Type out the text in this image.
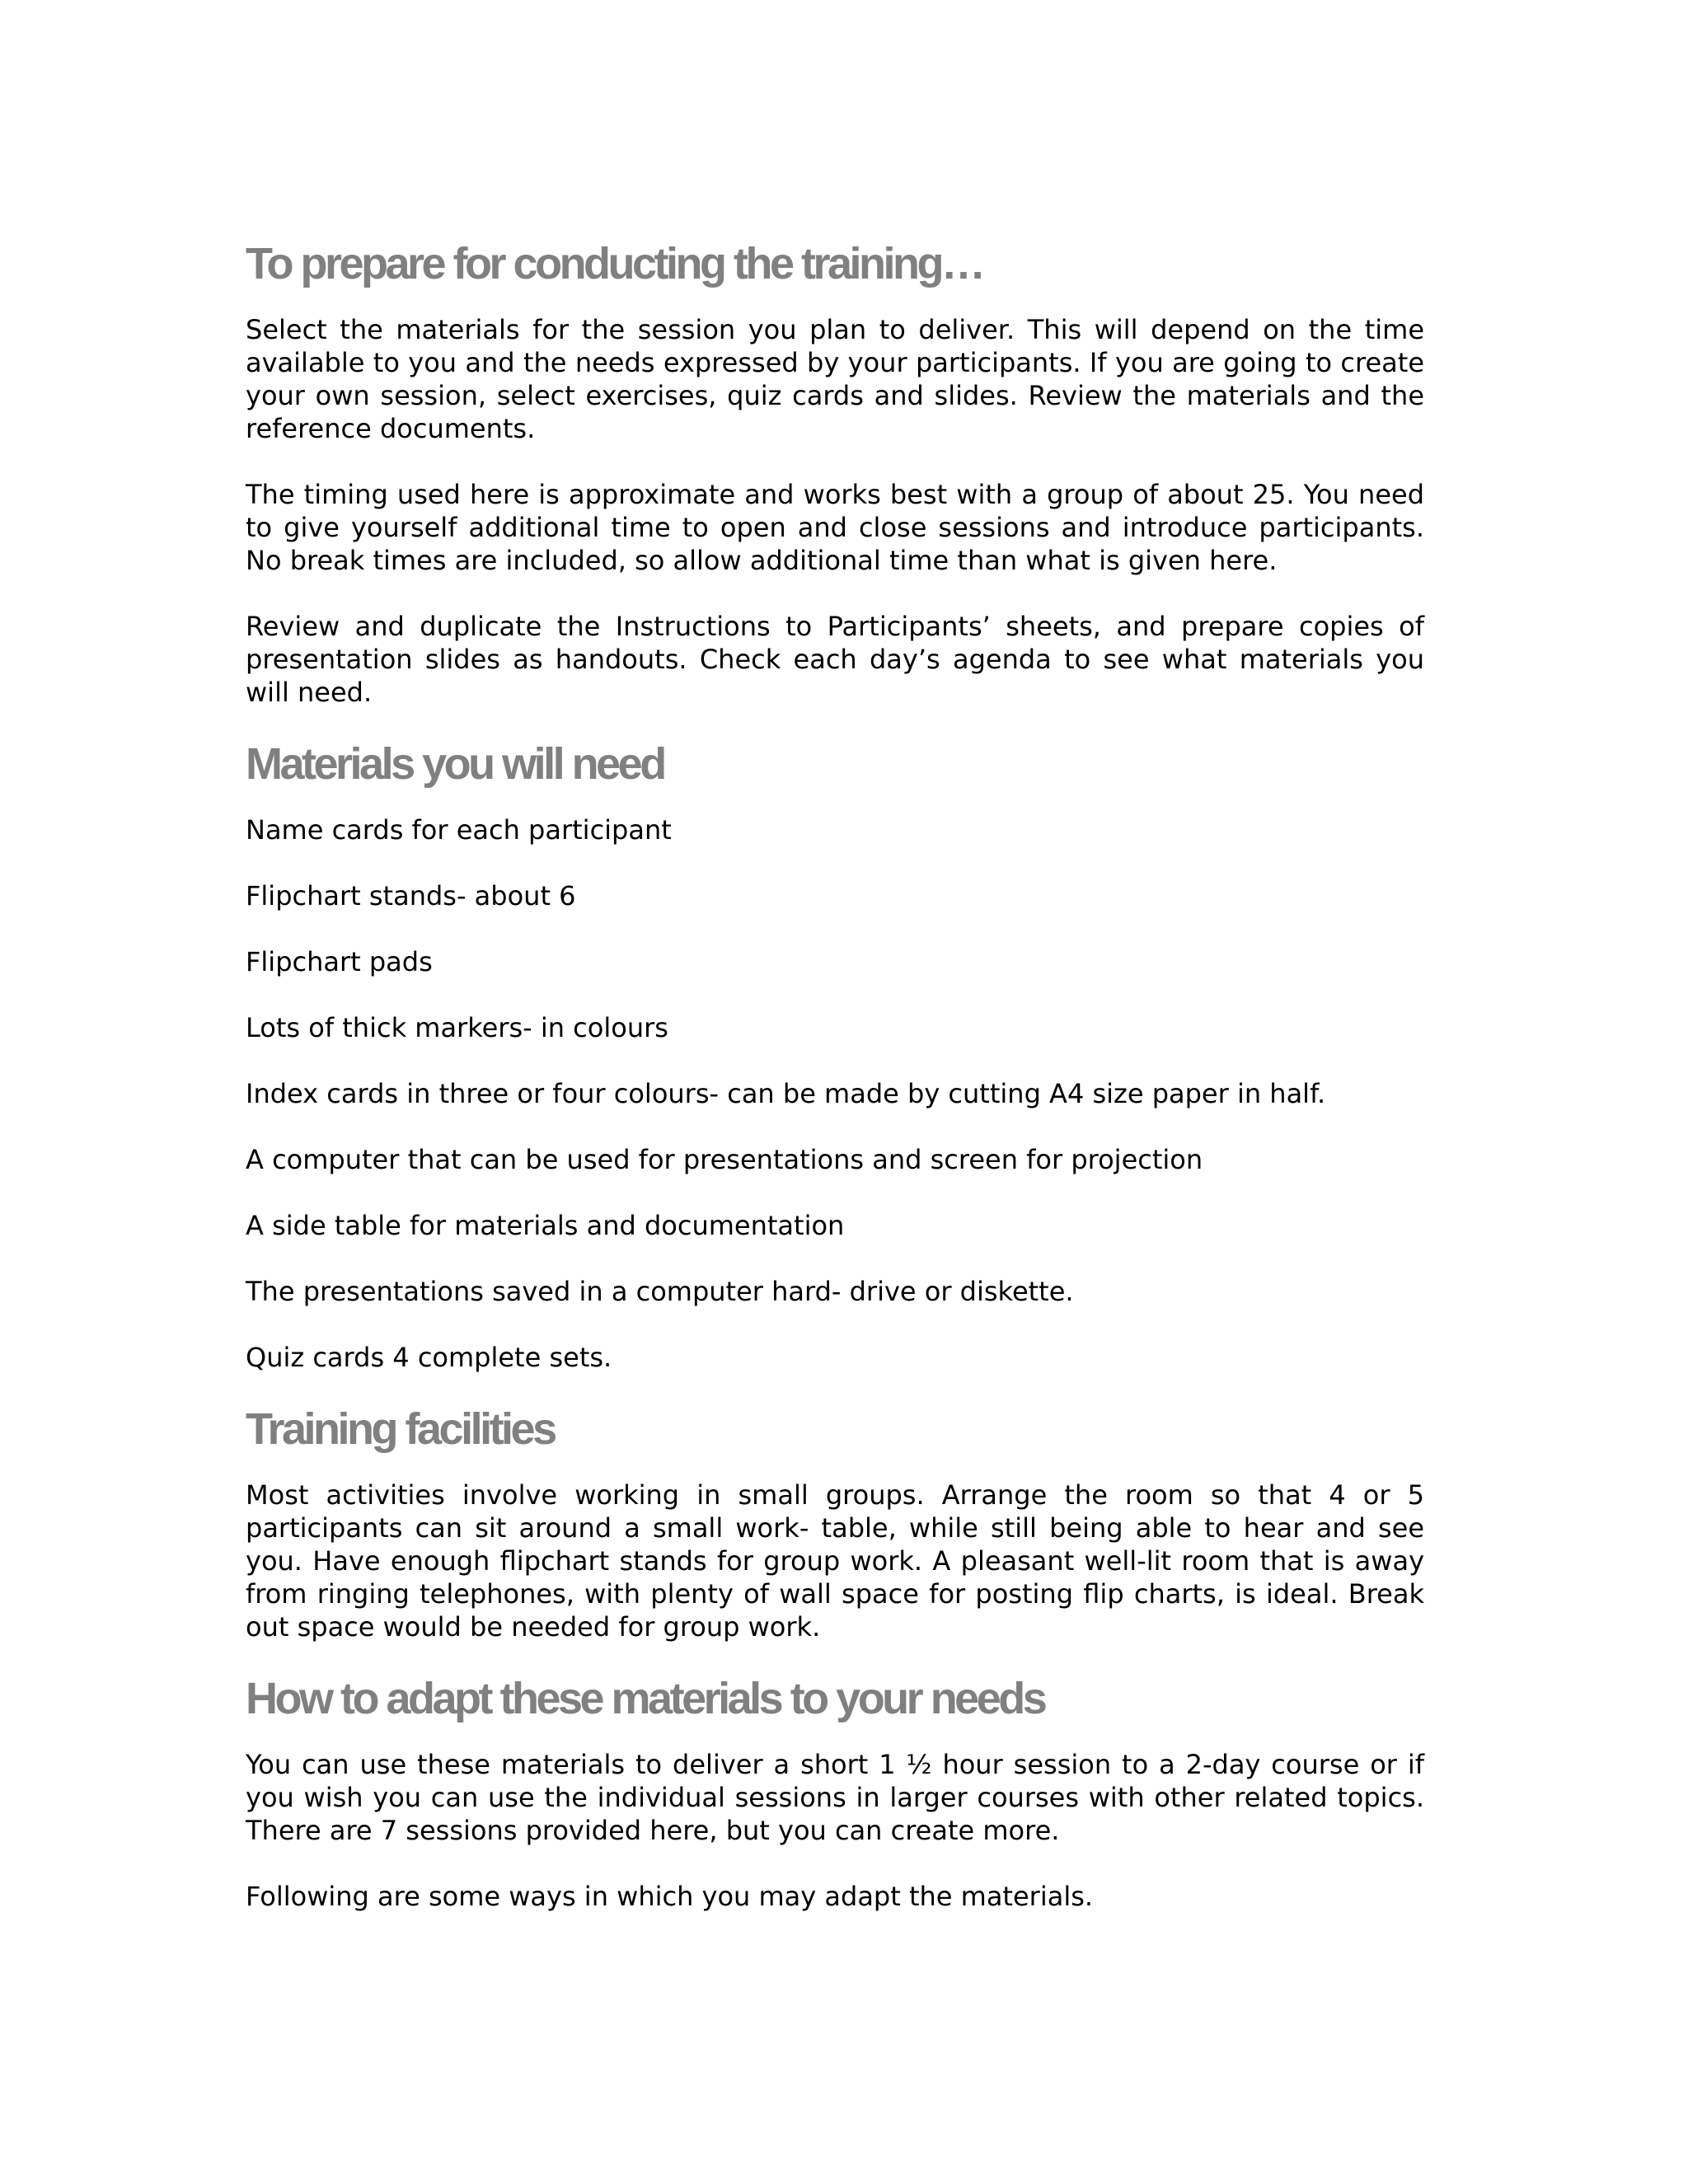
To prepare for conducting the training…

Select the materials for the session you plan to deliver. This will depend on the time available to you and the needs expressed by your participants. If you are going to create your own session, select exercises, quiz cards and slides. Review the materials and the reference documents.

The timing used here is approximate and works best with a group of about 25. You need to give yourself additional time to open and close sessions and introduce participants. No break times are included, so allow additional time than what is given here.

Review and duplicate the Instructions to Participants’ sheets, and prepare copies of presentation slides as handouts. Check each day’s agenda to see what materials you will need.

Materials you will need
Name cards for each participant
Flipchart stands- about 6
Flipchart pads
Lots of thick markers- in colours
Index cards in three or four colours- can be made by cutting A4 size paper in half.
A computer that can be used for presentations and screen for projection
A side table for materials and documentation
The presentations saved in a computer hard- drive or diskette.
Quiz cards 4 complete sets.
Training facilities

Most activities involve working in small groups. Arrange the room so that 4 or 5 participants can sit around a small work- table, while still being able to hear and see you. Have enough flipchart stands for group work. A pleasant well-lit room that is away from ringing telephones, with plenty of wall space for posting flip charts, is ideal. Break out space would be needed for group work.

How to adapt these materials to your needs

You can use these materials to deliver a short 1 ½ hour session to a 2-day course or if you wish you can use the individual sessions in larger courses with other related topics. There are 7 sessions provided here, but you can create more.

Following are some ways in which you may adapt the materials.
